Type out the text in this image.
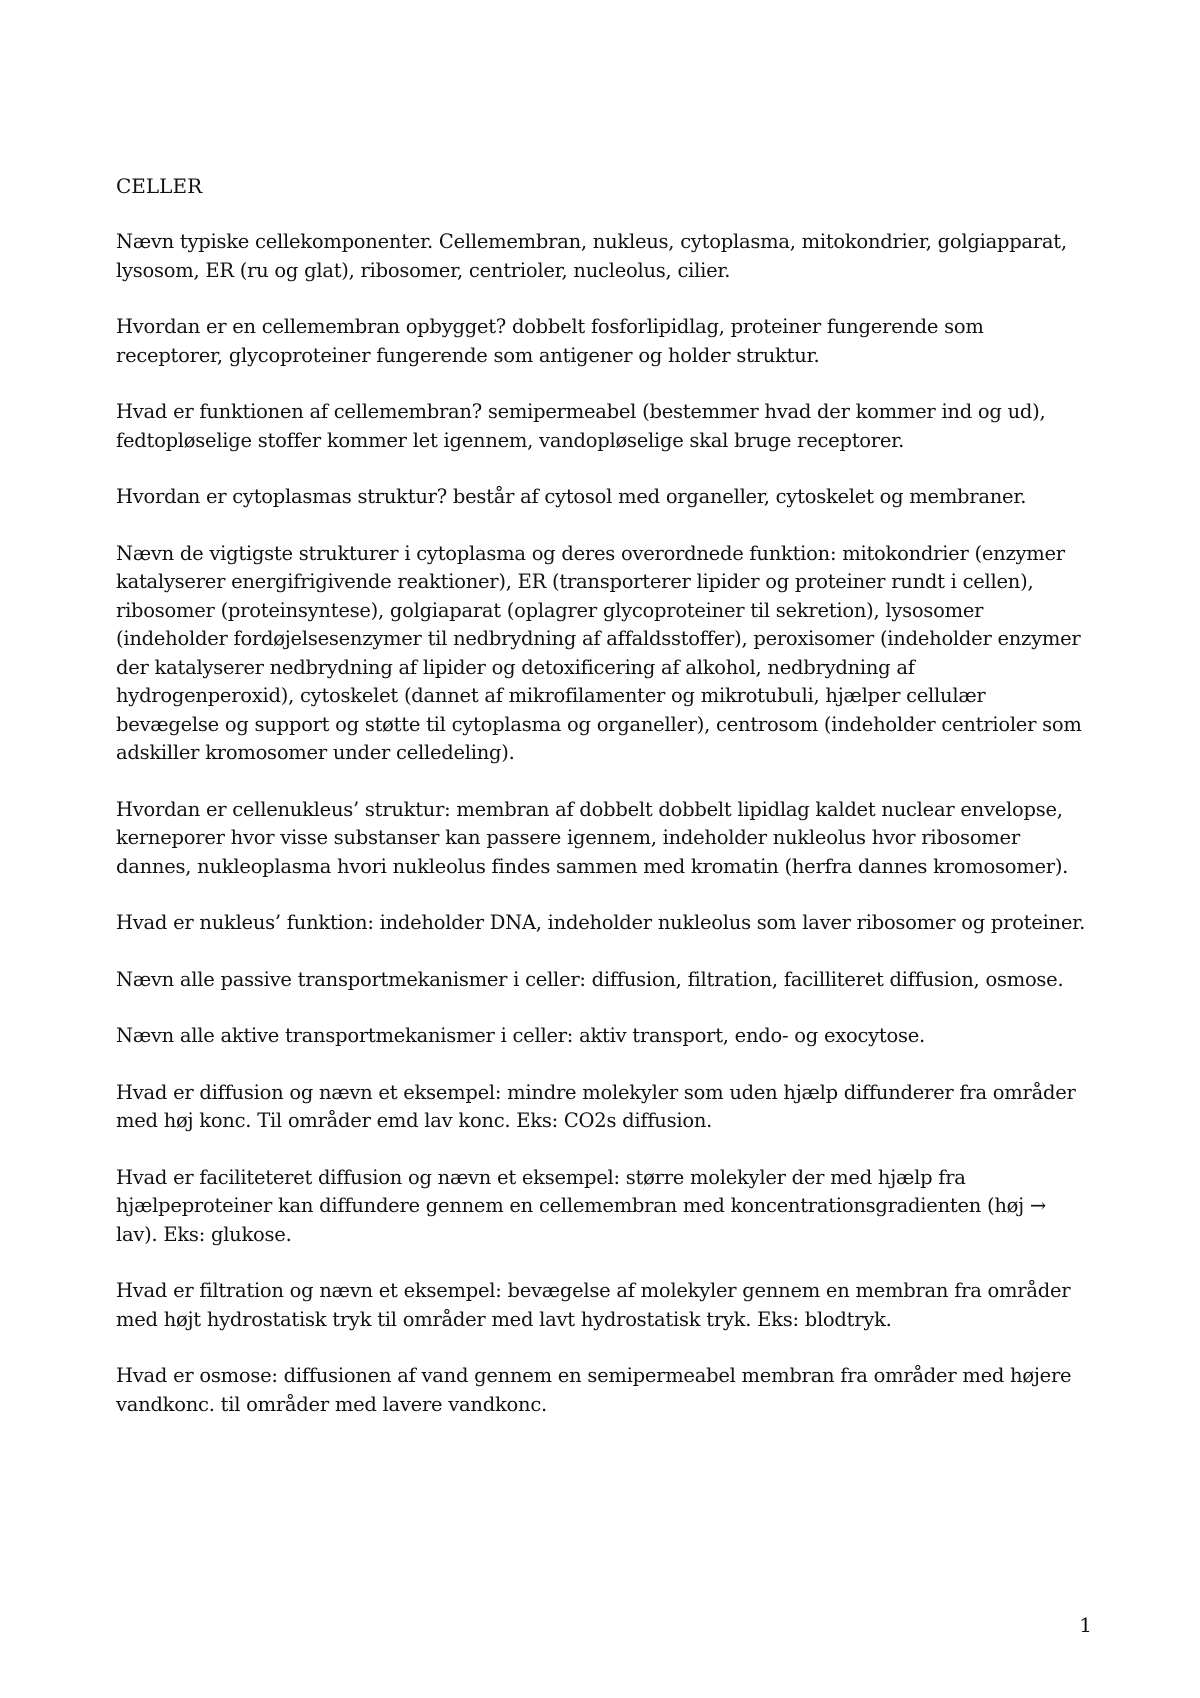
CELLER

Nævn typiske cellekomponenter. Cellemembran, nukleus, cytoplasma, mitokondrier, golgiapparat, lysosom, ER (ru og glat), ribosomer, centrioler, nucleolus, cilier.

Hvordan er en cellemembran opbygget? dobbelt fosforlipidlag, proteiner fungerende som receptorer, glycoproteiner fungerende som antigener og holder struktur.

Hvad er funktionen af cellemembran? semipermeabel (bestemmer hvad der kommer ind og ud), fedtopløselige stoffer kommer let igennem, vandopløselige skal bruge receptorer.

Hvordan er cytoplasmas struktur? består af cytosol med organeller, cytoskelet og membraner.

Nævn de vigtigste strukturer i cytoplasma og deres overordnede funktion: mitokondrier (enzymer katalyserer energifrigivende reaktioner), ER (transporterer lipider og proteiner rundt i cellen), ribosomer (proteinsyntese), golgiaparat (oplagrer glycoproteiner til sekretion), lysosomer (indeholder fordøjelsesenzymer til nedbrydning af affaldsstoffer), peroxisomer (indeholder enzymer der katalyserer nedbrydning af lipider og detoxificering af alkohol, nedbrydning af hydrogenperoxid), cytoskelet (dannet af mikrofilamenter og mikrotubuli, hjælper cellulær bevægelse og support og støtte til cytoplasma og organeller), centrosom (indeholder centrioler som adskiller kromosomer under celledeling).

Hvordan er cellenukleus’ struktur: membran af dobbelt dobbelt lipidlag kaldet nuclear envelopse, kerneporer hvor visse substanser kan passere igennem, indeholder nukleolus hvor ribosomer dannes, nukleoplasma hvori nukleolus findes sammen med kromatin (herfra dannes kromosomer).

Hvad er nukleus’ funktion: indeholder DNA, indeholder nukleolus som laver ribosomer og proteiner.

Nævn alle passive transportmekanismer i celler: diffusion, filtration, facilliteret diffusion, osmose.

Nævn alle aktive transportmekanismer i celler: aktiv transport, endo- og exocytose.

Hvad er diffusion og nævn et eksempel: mindre molekyler som uden hjælp diffunderer fra områder med høj konc. Til områder emd lav konc. Eks: CO2s diffusion.

Hvad er faciliteteret diffusion og nævn et eksempel: større molekyler der med hjælp fra hjælpeproteiner kan diffundere gennem en cellemembran med koncentrationsgradienten (høj → lav). Eks: glukose.

Hvad er filtration og nævn et eksempel: bevægelse af molekyler gennem en membran fra områder med højt hydrostatisk tryk til områder med lavt hydrostatisk tryk. Eks: blodtryk.

Hvad er osmose: diffusionen af vand gennem en semipermeabel membran fra områder med højere vandkonc. til områder med lavere vandkonc.

1
